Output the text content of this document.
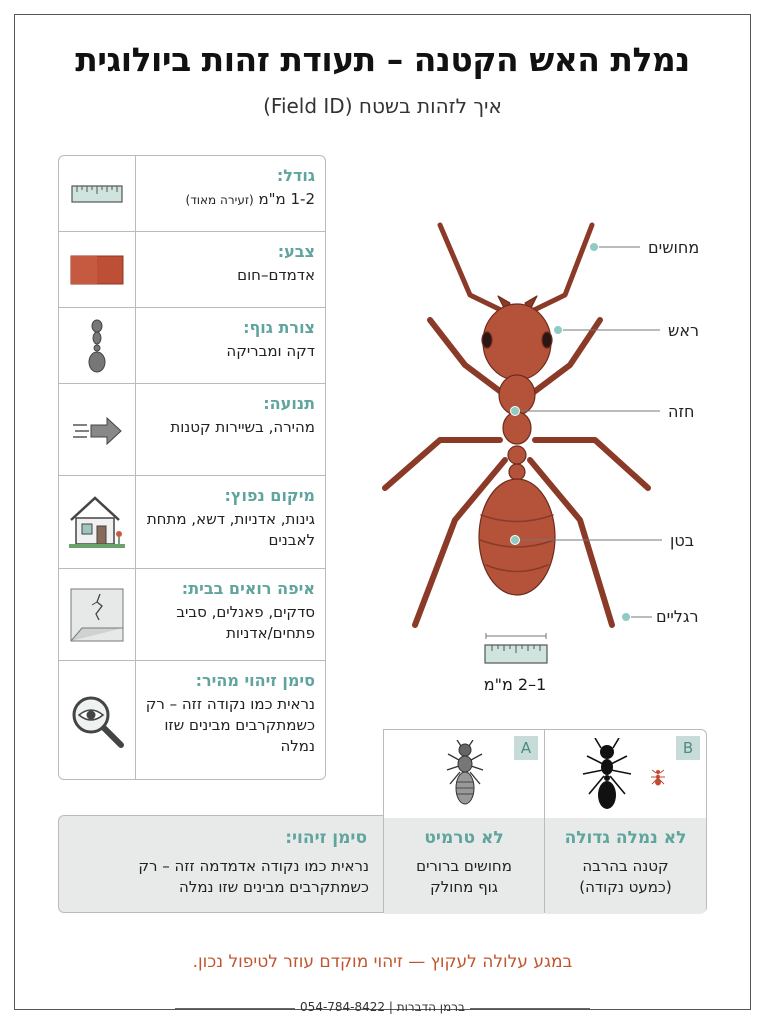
נמלת האש הקטנה – תעודת זהות ביולוגית
איך לזהות בשטח (Field ID)
גודל:
1-2 מ"מ (זעירה מאוד)
צבע:
אדמדם–חום
צורת גוף:
דקה ומבריקה
תנועה:
מהירה, בשיירות קטנות
מיקום נפוץ:
גינות, אדניות, דשא, מתחת לאבנים
איפה רואים בבית:
סדקים, פאנלים, סביב פתחים/אדניות
סימן זיהוי מהיר:
נראית כמו נקודה זזה – רק כשמתקרבים מבינים שזו נמלה
מחושים
ראש
חזה
בטן
רגליים
1–2 מ"מ
סימן זיהוי:
נראית כמו נקודה אדמדמה זזה – רק כשמתקרבים מבינים שזו נמלה
A
לא טרמיט
מחושים ברורים גוף מחולק
B
לא נמלה גדולה
קטנה בהרבה (כמעט נקודה)
במגע עלולה לעקוץ — זיהוי מוקדם עוזר לטיפול נכון.
ברמן הדברות | 054-784-8422
